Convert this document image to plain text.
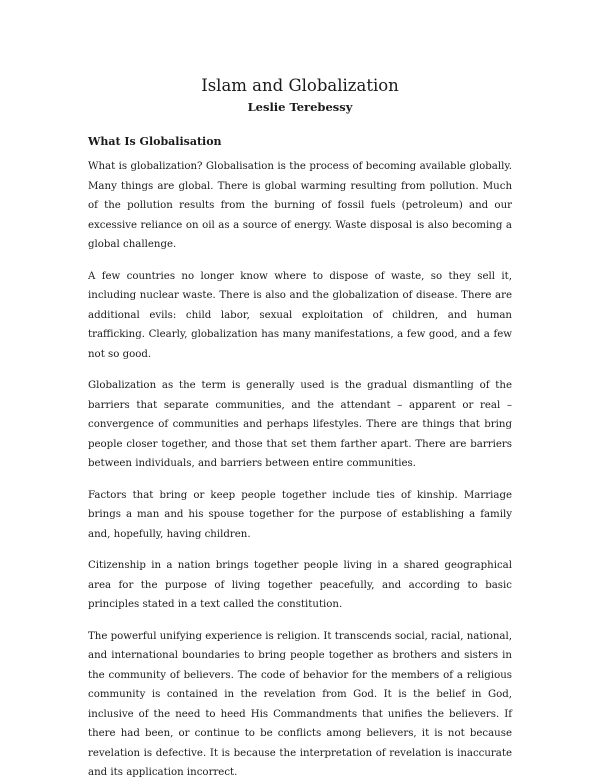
Islam and Globalization
Leslie Terebessy
What Is Globalisation

What is globalization? Globalisation is the process of becoming available globally. Many things are global. There is global warming resulting from pollution. Much of the pollution results from the burning of fossil fuels (petroleum) and our excessive reliance on oil as a source of energy. Waste disposal is also becoming a global challenge.

A few countries no longer know where to dispose of waste, so they sell it, including nuclear waste. There is also and the globalization of disease. There are additional evils: child labor, sexual exploitation of children, and human trafficking. Clearly, globalization has many manifestations, a few good, and a few not so good.

Globalization as the term is generally used is the gradual dismantling of the barriers that separate communities, and the attendant – apparent or real – convergence of communities and perhaps lifestyles. There are things that bring people closer together, and those that set them farther apart. There are barriers between individuals, and barriers between entire communities.

Factors that bring or keep people together include ties of kinship. Marriage brings a man and his spouse together for the purpose of establishing a family and, hopefully, having children.

Citizenship in a nation brings together people living in a shared geographical area for the purpose of living together peacefully, and according to basic principles stated in a text called the constitution.

The powerful unifying experience is religion. It transcends social, racial, national, and international boundaries to bring people together as brothers and sisters in the community of believers. The code of behavior for the members of a religious community is contained in the revelation from God. It is the belief in God, inclusive of the need to heed His Commandments that unifies the believers. If there had been, or continue to be conflicts among believers, it is not because revelation is defective. It is because the interpretation of revelation is inaccurate and its application incorrect.
